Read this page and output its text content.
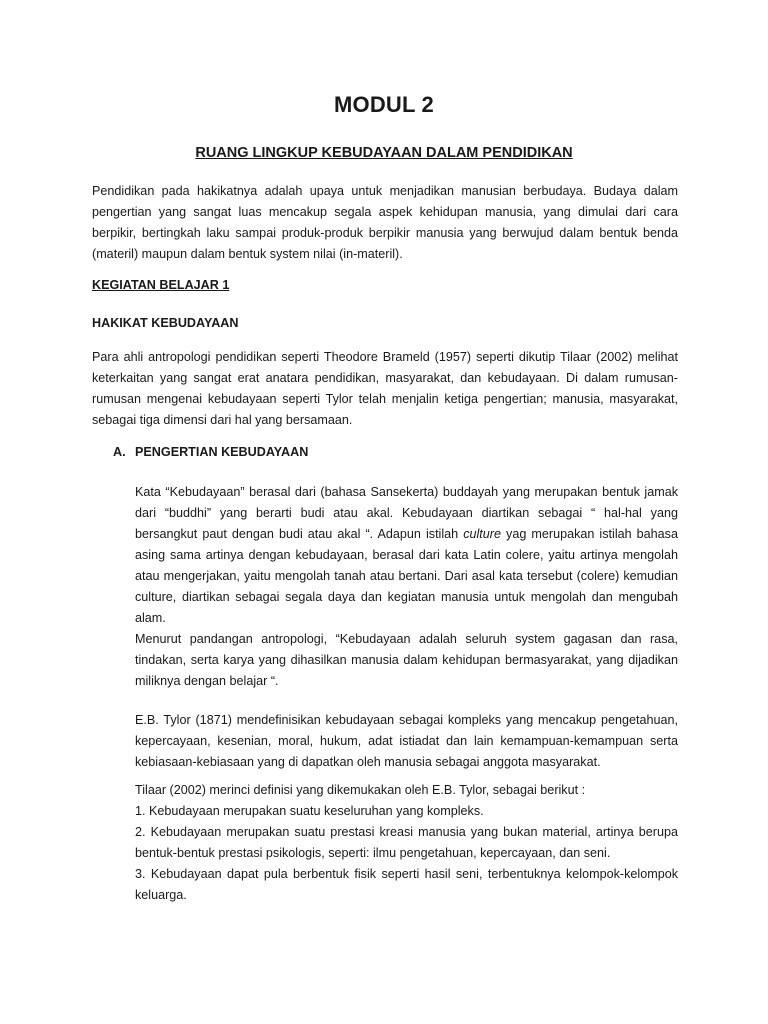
MODUL 2
RUANG LINGKUP KEBUDAYAAN DALAM PENDIDIKAN

Pendidikan pada hakikatnya adalah upaya untuk menjadikan manusian berbudaya. Budaya dalam pengertian yang sangat luas mencakup segala aspek kehidupan manusia, yang dimulai dari cara berpikir, bertingkah laku sampai produk-produk berpikir manusia yang berwujud dalam bentuk benda (materil) maupun dalam bentuk system nilai (in-materil).

KEGIATAN BELAJAR 1

HAKIKAT KEBUDAYAAN

Para ahli antropologi pendidikan seperti Theodore Brameld (1957) seperti dikutip Tilaar (2002) melihat keterkaitan yang sangat erat anatara pendidikan, masyarakat, dan kebudayaan. Di dalam rumusan-rumusan mengenai kebudayaan seperti Tylor telah menjalin ketiga pengertian; manusia, masyarakat, sebagai tiga dimensi dari hal yang bersamaan.

A. PENGERTIAN KEBUDAYAAN

Kata “Kebudayaan” berasal dari (bahasa Sansekerta) buddayah yang merupakan bentuk jamak dari “buddhi” yang berarti budi atau akal. Kebudayaan diartikan sebagai “ hal-hal yang bersangkut paut dengan budi atau akal “. Adapun istilah culture yag merupakan istilah bahasa asing sama artinya dengan kebudayaan, berasal dari kata Latin colere, yaitu artinya mengolah atau mengerjakan, yaitu mengolah tanah atau bertani. Dari asal kata tersebut (colere) kemudian culture, diartikan sebagai segala daya dan kegiatan manusia untuk mengolah dan mengubah alam.

Menurut pandangan antropologi, “Kebudayaan adalah seluruh system gagasan dan rasa, tindakan, serta karya yang dihasilkan manusia dalam kehidupan bermasyarakat, yang dijadikan miliknya dengan belajar “.

E.B. Tylor (1871) mendefinisikan kebudayaan sebagai kompleks yang mencakup pengetahuan, kepercayaan, kesenian, moral, hukum, adat istiadat dan lain kemampuan-kemampuan serta kebiasaan-kebiasaan yang di dapatkan oleh manusia sebagai anggota masyarakat.

Tilaar (2002) merinci definisi yang dikemukakan oleh E.B. Tylor, sebagai berikut :
1. Kebudayaan merupakan suatu keseluruhan yang kompleks.
2. Kebudayaan merupakan suatu prestasi kreasi manusia yang bukan material, artinya berupa bentuk-bentuk prestasi psikologis, seperti: ilmu pengetahuan, kepercayaan, dan seni.
3. Kebudayaan dapat pula berbentuk fisik seperti hasil seni, terbentuknya kelompok-kelompok keluarga.
